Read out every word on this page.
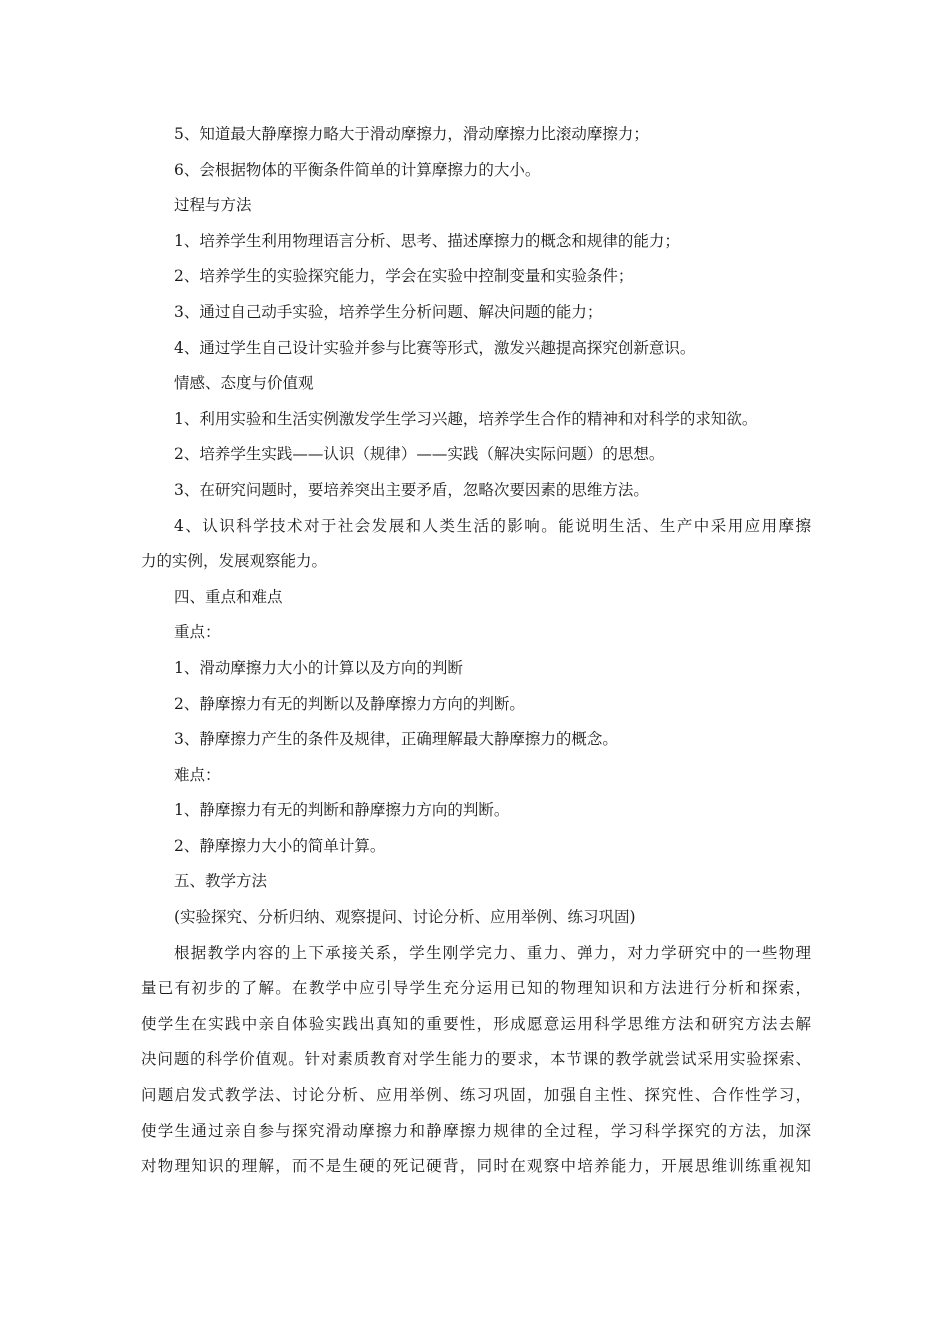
5、知道最大静摩擦力略大于滑动摩擦力，滑动摩擦力比滚动摩擦力；
6、会根据物体的平衡条件简单的计算摩擦力的大小。
过程与方法
1、培养学生利用物理语言分析、思考、描述摩擦力的概念和规律的能力；
2、培养学生的实验探究能力，学会在实验中控制变量和实验条件；
3、通过自己动手实验，培养学生分析问题、解决问题的能力；
4、通过学生自己设计实验并参与比赛等形式，激发兴趣提高探究创新意识。
情感、态度与价值观
1、利用实验和生活实例激发学生学习兴趣，培养学生合作的精神和对科学的求知欲。
2、培养学生实践——认识（规律）——实践（解决实际问题）的思想。
3、在研究问题时，要培养突出主要矛盾，忽略次要因素的思维方法。
4、认识科学技术对于社会发展和人类生活的影响。能说明生活、生产中采用应用摩擦
力的实例，发展观察能力。
四、重点和难点
重点：
1、滑动摩擦力大小的计算以及方向的判断
2、静摩擦力有无的判断以及静摩擦力方向的判断。
3、静摩擦力产生的条件及规律，正确理解最大静摩擦力的概念。
难点：
1、静摩擦力有无的判断和静摩擦力方向的判断。
2、静摩擦力大小的简单计算。
五、教学方法
(实验探究、分析归纳、观察提问、讨论分析、应用举例、练习巩固)
根据教学内容的上下承接关系，学生刚学完力、重力、弹力，对力学研究中的一些物理
量已有初步的了解。在教学中应引导学生充分运用已知的物理知识和方法进行分析和探索，
使学生在实践中亲自体验实践出真知的重要性，形成愿意运用科学思维方法和研究方法去解
决问题的科学价值观。针对素质教育对学生能力的要求，本节课的教学就尝试采用实验探索、
问题启发式教学法、讨论分析、应用举例、练习巩固，加强自主性、探究性、合作性学习，
使学生通过亲自参与探究滑动摩擦力和静摩擦力规律的全过程，学习科学探究的方法，加深
对物理知识的理解，而不是生硬的死记硬背，同时在观察中培养能力，开展思维训练重视知
